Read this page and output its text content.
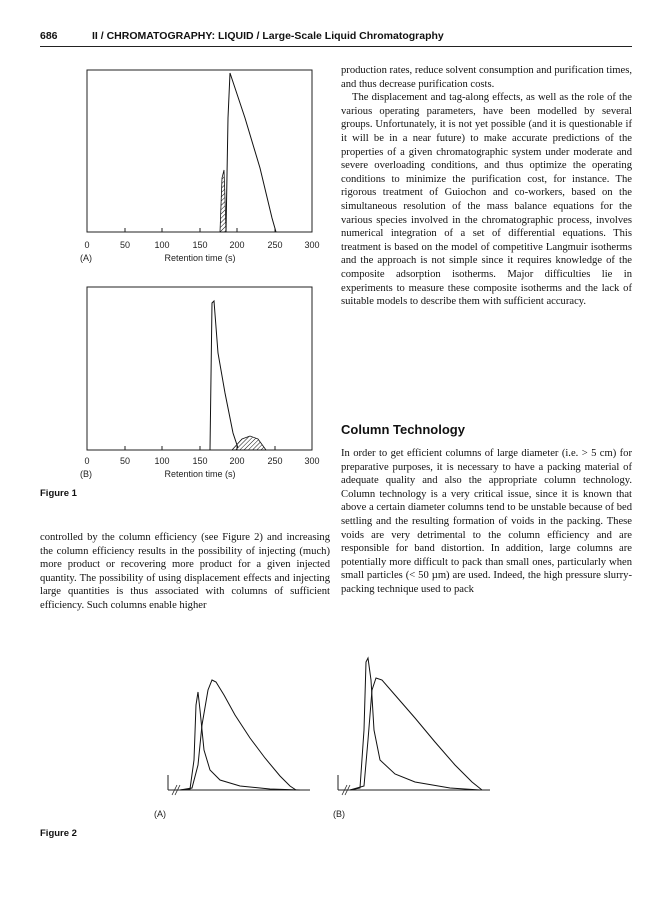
686	II / CHROMATOGRAPHY: LIQUID / Large-Scale Liquid Chromatography
0	50	100	150 200	250 300
(A)	Retention time (s)
0	50	100	150 200	250 300
(B)	Retention time (s)
Figure 1

controlled by the column efficiency (see Figure 2) and increasing the column efficiency results in the possibility of injecting (much) more product or recovering more product for a given injected quantity. The possibility of using displacement effects and injecting large quantities is thus associated with columns of sufficient efficiency. Such columns enable higher

production rates, reduce solvent consumption and purification times, and thus decrease purification costs.

The displacement and tag-along effects, as well as the role of the various operating parameters, have been modelled by several groups. Unfortunately, it is not yet possible (and it is questionable if it will be in a near future) to make accurate predictions of the properties of a given chromatographic system under moderate and severe overloading conditions, and thus optimize the operating conditions to minimize the purification cost, for instance. The rigorous treatment of Guiochon and co-workers, based on the simultaneous resolution of the mass balance equations for the various species involved in the chromatographic process, involves numerical integration of a set of differential equations. This treatment is based on the model of competitive Langmuir isotherms and the approach is not simple since it requires knowledge of the composite adsorption isotherms. Major difficulties lie in experiments to measure these composite isotherms and the lack of suitable models to describe them with sufficient accuracy.

Column Technology

In order to get efficient columns of large diameter (i.e. > 5 cm) for preparative purposes, it is necessary to have a packing material of adequate quality and also the appropriate column technology. Column technology is a very critical issue, since it is known that above a certain diameter columns tend to be unstable because of bed settling and the resulting formation of voids in the packing. These voids are very detrimental to the column efficiency and are responsible for band distortion. In addition, large columns are potentially more difficult to pack than small ones, particularly when small particles (< 50 µm) are used. Indeed, the high pressure slurry-packing technique used to pack

(A)	(B)
Figure 2
